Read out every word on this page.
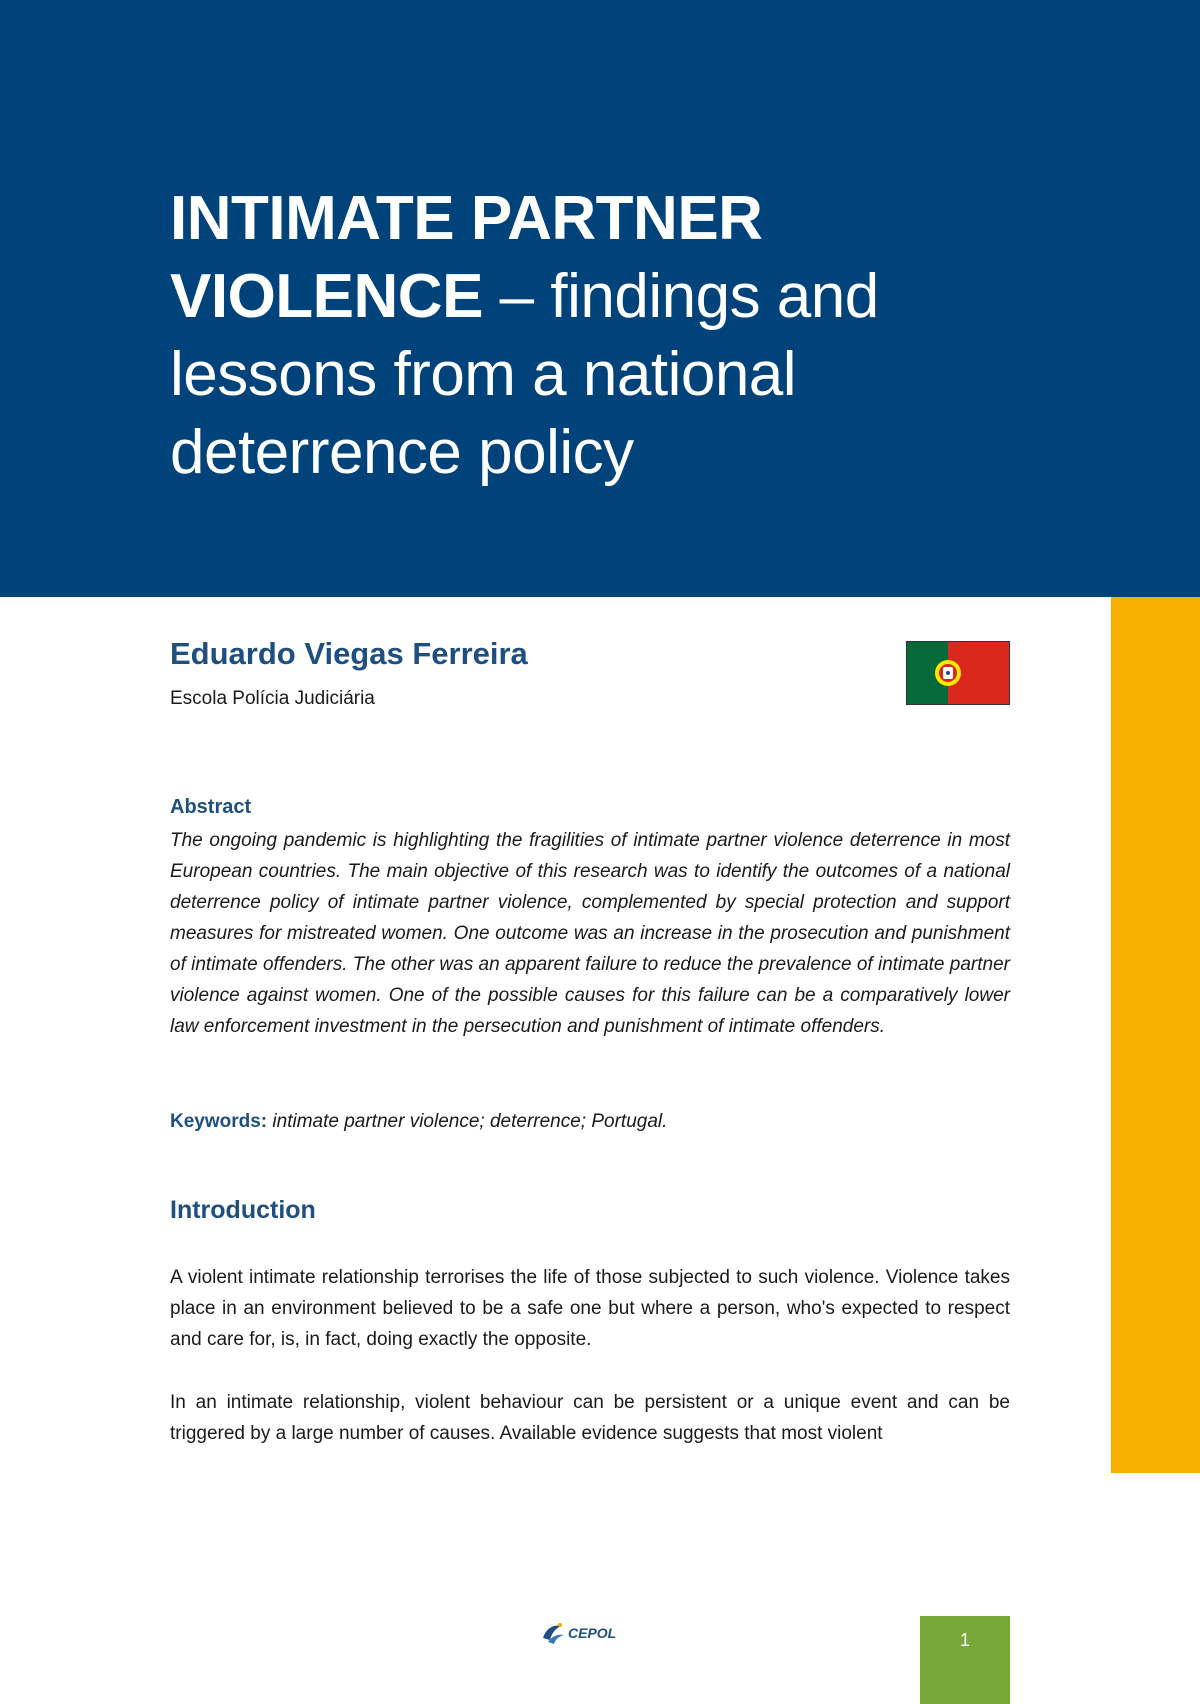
INTIMATE PARTNER VIOLENCE – findings and lessons from a national deterrence policy
Eduardo Viegas Ferreira

Escola Polícia Judiciária

Abstract

The ongoing pandemic is highlighting the fragilities of intimate partner violence deterrence in most European countries. The main objective of this research was to identify the outcomes of a national deterrence policy of intimate partner violence, complemented by special protection and support measures for mistreated women. One outcome was an increase in the prosecution and punishment of intimate offenders. The other was an apparent failure to reduce the prevalence of intimate partner violence against women. One of the possible causes for this failure can be a comparatively lower law enforcement investment in the persecution and punishment of intimate offenders.

Keywords: intimate partner violence; deterrence; Portugal.

Introduction

A violent intimate relationship terrorises the life of those subjected to such violence. Violence takes place in an environment believed to be a safe one but where a person, who's expected to respect and care for, is, in fact, doing exactly the opposite.

In an intimate relationship, violent behaviour can be persistent or a unique event and can be triggered by a large number of causes. Available evidence suggests that most violent

CEPOL	1
